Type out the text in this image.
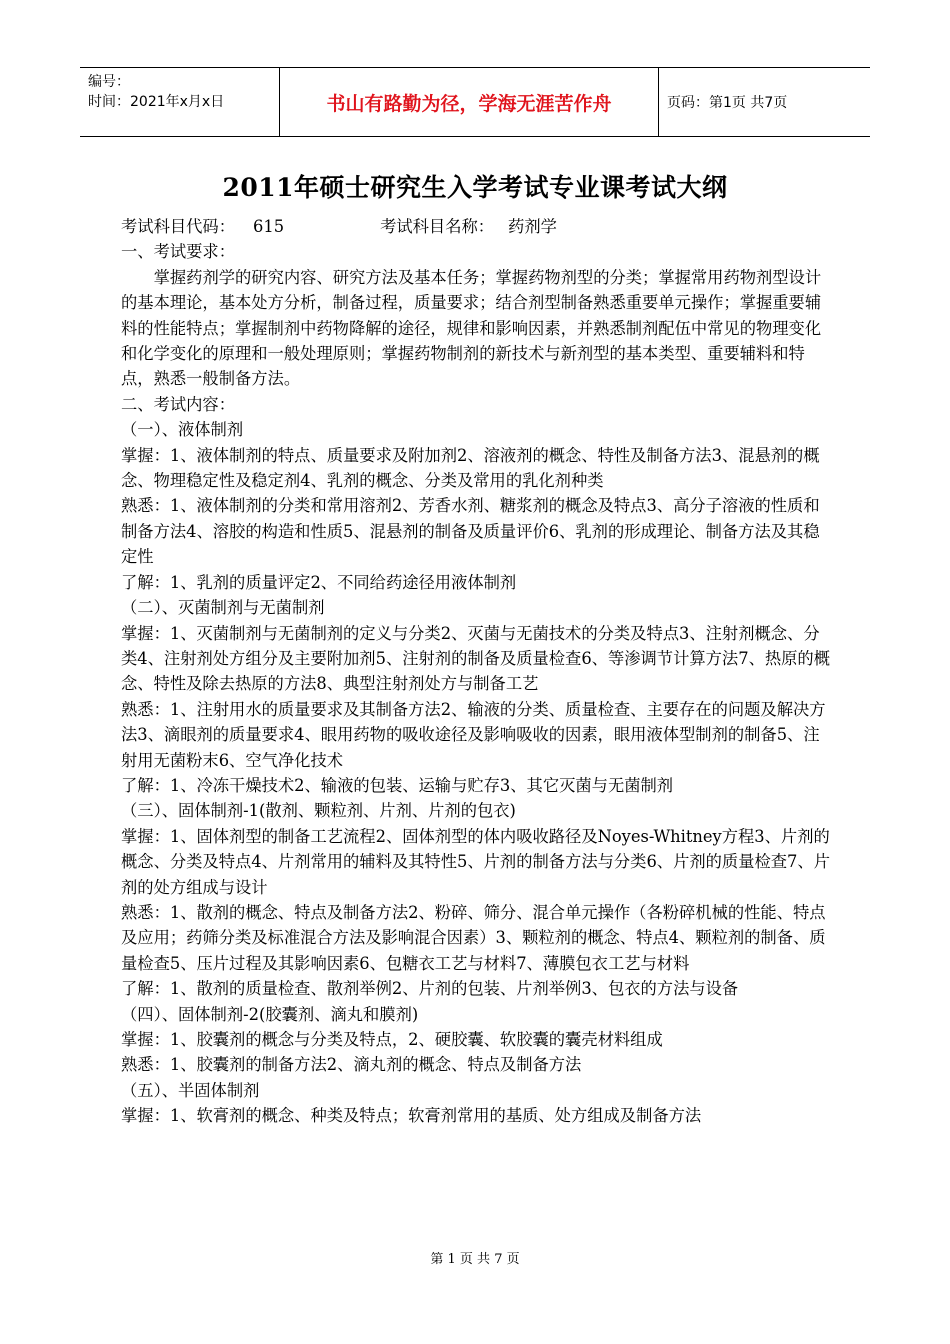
编号：
时间：2021年x月x日	书山有路勤为径，学海无涯苦作舟	页码：第1页 共7页
2011年硕士研究生入学考试专业课考试大纲
考试科目代码： 615	考试科目名称： 药剂学

一、考试要求：

掌握药剂学的研究内容、研究方法及基本任务；掌握药物剂型的分类；掌握常用药物剂型设计的基本理论，基本处方分析，制备过程，质量要求；结合剂型制备熟悉重要单元操作；掌握重要辅料的性能特点；掌握制剂中药物降解的途径，规律和影响因素，并熟悉制剂配伍中常见的物理变化和化学变化的原理和一般处理原则；掌握药物制剂的新技术与新剂型的基本类型、重要辅料和特点，熟悉一般制备方法。

二、考试内容：

（一）、液体制剂

掌握：1、液体制剂的特点、质量要求及附加剂2、溶液剂的概念、特性及制备方法3、混悬剂的概念、物理稳定性及稳定剂4、乳剂的概念、分类及常用的乳化剂种类

熟悉：1、液体制剂的分类和常用溶剂2、芳香水剂、糖浆剂的概念及特点3、高分子溶液的性质和制备方法4、溶胶的构造和性质5、混悬剂的制备及质量评价6、乳剂的形成理论、制备方法及其稳定性

了解：1、乳剂的质量评定2、不同给药途径用液体制剂

（二）、灭菌制剂与无菌制剂

掌握：1、灭菌制剂与无菌制剂的定义与分类2、灭菌与无菌技术的分类及特点3、注射剂概念、分类4、注射剂处方组分及主要附加剂5、注射剂的制备及质量检查6、等渗调节计算方法7、热原的概念、特性及除去热原的方法8、典型注射剂处方与制备工艺

熟悉：1、注射用水的质量要求及其制备方法2、输液的分类、质量检查、主要存在的问题及解决方法3、滴眼剂的质量要求4、眼用药物的吸收途径及影响吸收的因素，眼用液体型制剂的制备5、注射用无菌粉末6、空气净化技术

了解：1、冷冻干燥技术2、输液的包装、运输与贮存3、其它灭菌与无菌制剂

（三）、固体制剂-1(散剂、颗粒剂、片剂、片剂的包衣)

掌握：1、固体剂型的制备工艺流程2、固体剂型的体内吸收路径及Noyes-Whitney方程3、片剂的概念、分类及特点4、片剂常用的辅料及其特性5、片剂的制备方法与分类6、片剂的质量检查7、片剂的处方组成与设计

熟悉：1、散剂的概念、特点及制备方法2、粉碎、筛分、混合单元操作（各粉碎机械的性能、特点及应用；药筛分类及标准混合方法及影响混合因素）3、颗粒剂的概念、特点4、颗粒剂的制备、质量检查5、压片过程及其影响因素6、包糖衣工艺与材料7、薄膜包衣工艺与材料

了解：1、散剂的质量检查、散剂举例2、片剂的包装、片剂举例3、包衣的方法与设备

（四）、固体制剂-2(胶囊剂、滴丸和膜剂)

掌握：1、胶囊剂的概念与分类及特点，2、硬胶囊、软胶囊的囊壳材料组成

熟悉：1、胶囊剂的制备方法2、滴丸剂的概念、特点及制备方法

（五）、半固体制剂

掌握：1、软膏剂的概念、种类及特点；软膏剂常用的基质、处方组成及制备方法

第 1 页 共 7 页
